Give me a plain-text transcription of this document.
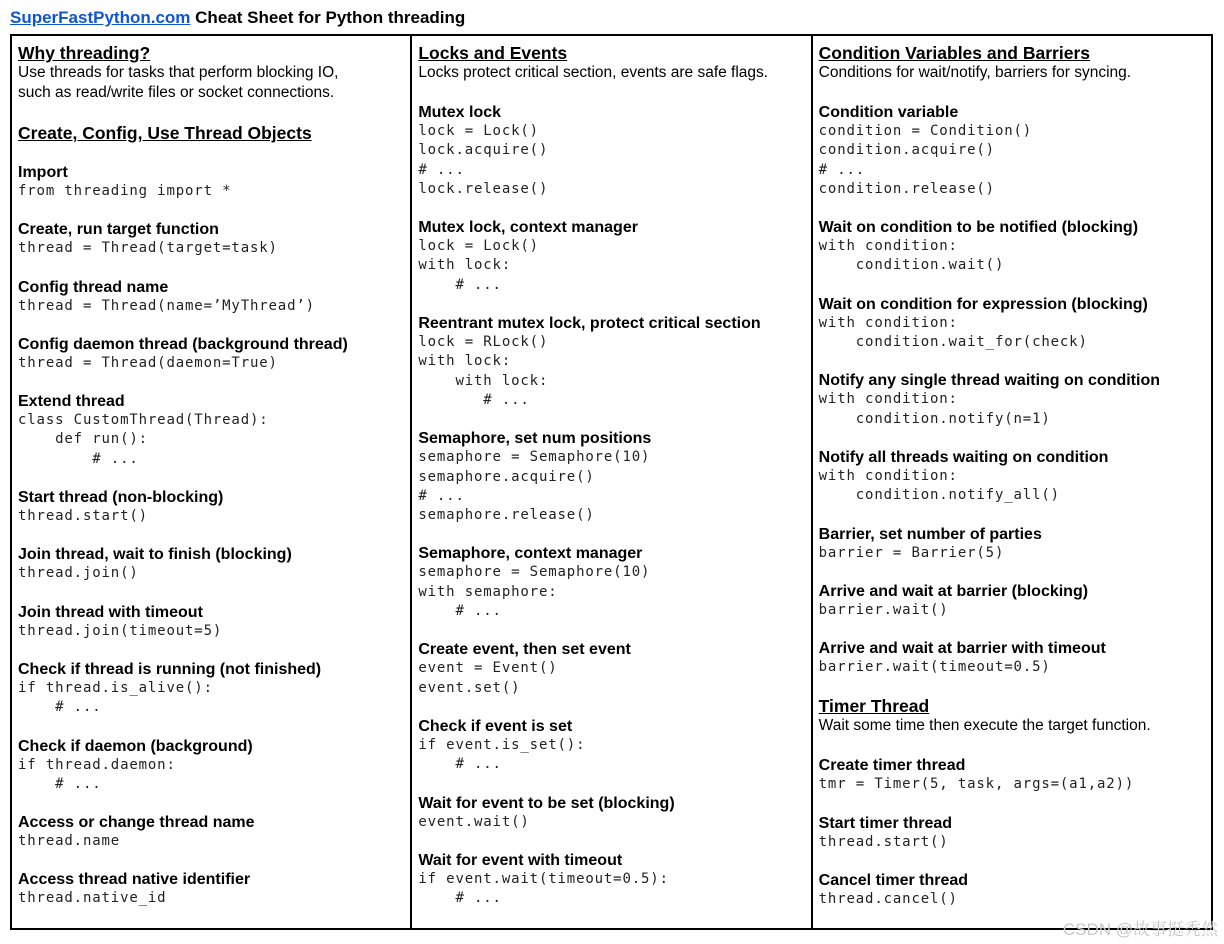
SuperFastPython.com Cheat Sheet for Python threading
Why threading?
Use threads for tasks that perform blocking IO,
such as read/write files or socket connections.
Create, Config, Use Thread Objects
Import
from threading import *
Create, run target function
thread = Thread(target=task)
Config thread name
thread = Thread(name=’MyThread’)
Config daemon thread (background thread)
thread = Thread(daemon=True)
Extend thread
class CustomThread(Thread):
def run():
# ...
Start thread (non-blocking)
thread.start()
Join thread, wait to finish (blocking)
thread.join()
Join thread with timeout
thread.join(timeout=5)
Check if thread is running (not finished)
if thread.is_alive():
# ...
Check if daemon (background)
if thread.daemon:
# ...
Access or change thread name
thread.name
Access thread native identifier
thread.native_id
Locks and Events
Locks protect critical section, events are safe flags.
Mutex lock
lock = Lock()
lock.acquire()
# ...
lock.release()
Mutex lock, context manager
lock = Lock()
with lock:
# ...
Reentrant mutex lock, protect critical section
lock = RLock()
with lock:
with lock:
# ...
Semaphore, set num positions
semaphore = Semaphore(10)
semaphore.acquire()
# ...
semaphore.release()
Semaphore, context manager
semaphore = Semaphore(10)
with semaphore:
# ...
Create event, then set event
event = Event()
event.set()
Check if event is set
if event.is_set():
# ...
Wait for event to be set (blocking)
event.wait()
Wait for event with timeout
if event.wait(timeout=0.5):
# ...
Condition Variables and Barriers
Conditions for wait/notify, barriers for syncing.
Condition variable
condition = Condition()
condition.acquire()
# ...
condition.release()
Wait on condition to be notified (blocking)
with condition:
condition.wait()
Wait on condition for expression (blocking)
with condition:
condition.wait_for(check)
Notify any single thread waiting on condition
with condition:
condition.notify(n=1)
Notify all threads waiting on condition
with condition:
condition.notify_all()
Barrier, set number of parties
barrier = Barrier(5)
Arrive and wait at barrier (blocking)
barrier.wait()
Arrive and wait at barrier with timeout
barrier.wait(timeout=0.5)
Timer Thread
Wait some time then execute the target function.
Create timer thread
tmr = Timer(5, task, args=(a1,a2))
Start timer thread
thread.start()
Cancel timer thread
thread.cancel()
CSDN @故事挺秃然
